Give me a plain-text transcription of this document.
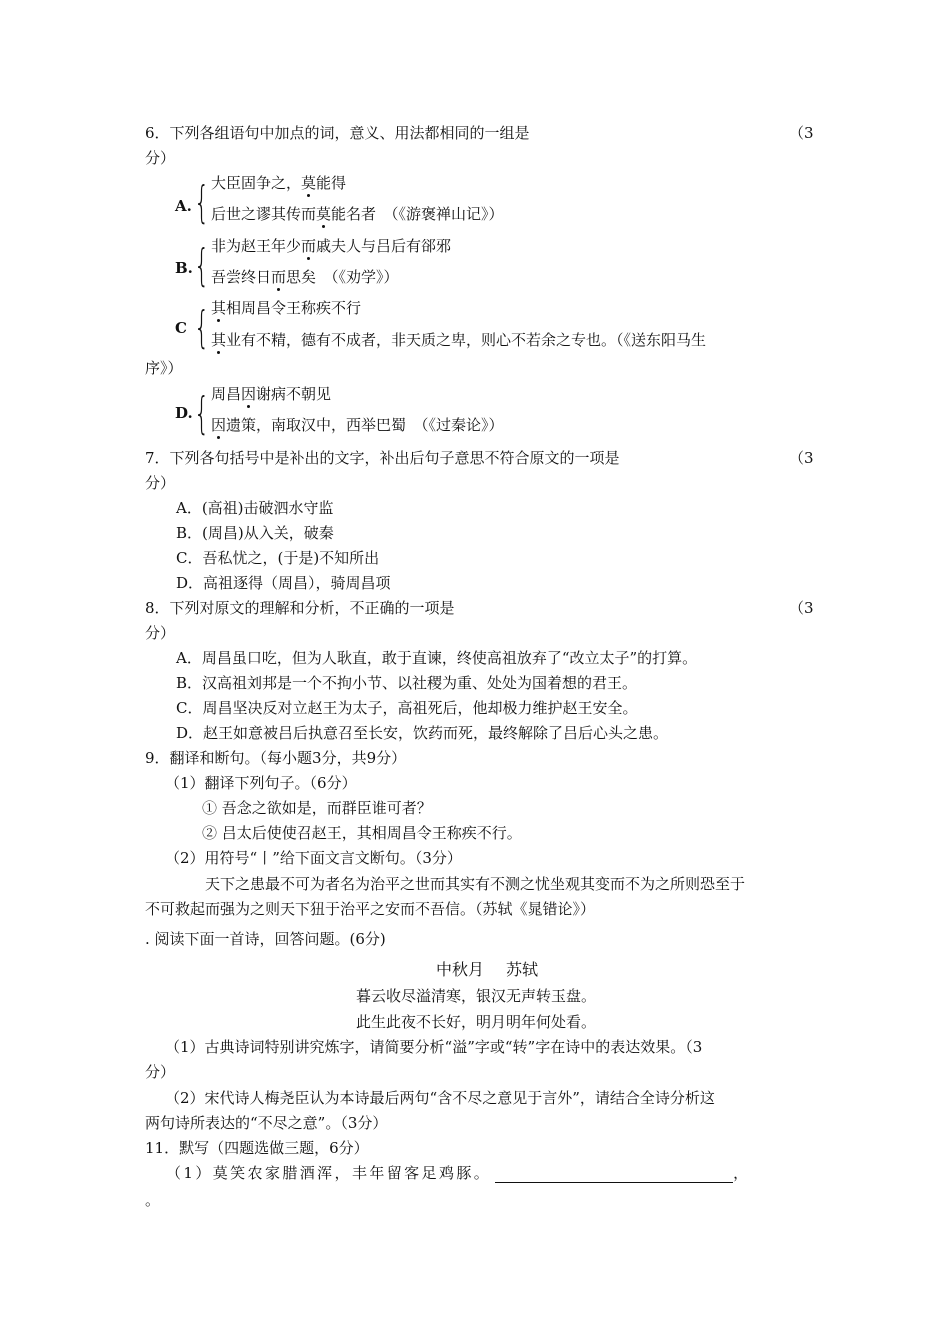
6．下列各组语句中加点的词，意义、用法都相同的一组是	（3
分）
A. { 大臣固争之，莫能得
后世之谬其传而莫能名者　（《游褒禅山记》）
B. { 非为赵王年少而戚夫人与吕后有郤邪
吾尝终日而思矣　（《劝学》）
C { 其相周昌令王称疾不行
其业有不精，德有不成者，非天质之卑，则心不若余之专也。（《送东阳马生
序》）
D. { 周昌因谢病不朝见
因遗策，南取汉中，西举巴蜀　（《过秦论》）
7．下列各句括号中是补出的文字，补出后句子意思不符合原文的一项是	（3
分）
A．(高祖)击破泗水守监
B．(周昌)从入关，破秦
C．吾私忧之，(于是)不知所出
D．高祖逐得（周昌），骑周昌项
8．下列对原文的理解和分析，不正确的一项是	（3
分）
A．周昌虽口吃，但为人耿直，敢于直谏，终使高祖放弃了“改立太子”的打算。
B．汉高祖刘邦是一个不拘小节、以社稷为重、处处为国着想的君王。
C．周昌坚决反对立赵王为太子，高祖死后，他却极力维护赵王安全。
D．赵王如意被吕后执意召至长安，饮药而死，最终解除了吕后心头之患。
9．翻译和断句。（每小题3分，共9分）
（1）翻译下列句子。（6分）
① 吾念之欲如是，而群臣谁可者？
② 吕太后使使召赵王，其相周昌令王称疾不行。
（2）用符号“丨”给下面文言文断句。（3分）
天下之患最不可为者名为治平之世而其实有不测之忧坐观其变而不为之所则恐至于
不可救起而强为之则天下狃于治平之安而不吾信。（苏轼《晁错论》）
. 阅读下面一首诗，回答问题。(6分)
中秋月 苏轼
暮云收尽溢清寒，银汉无声转玉盘。
此生此夜不长好，明月明年何处看。
（1）古典诗词特别讲究炼字，请简要分析“溢”字或“转”字在诗中的表达效果。（3
分）
（2）宋代诗人梅尧臣认为本诗最后两句“含不尽之意见于言外”，请结合全诗分析这
两句诗所表达的“不尽之意”。（3分）
11．默写（四题选做三题，6分）
（1）莫笑农家腊酒浑，丰年留客足鸡豚。	，
。
